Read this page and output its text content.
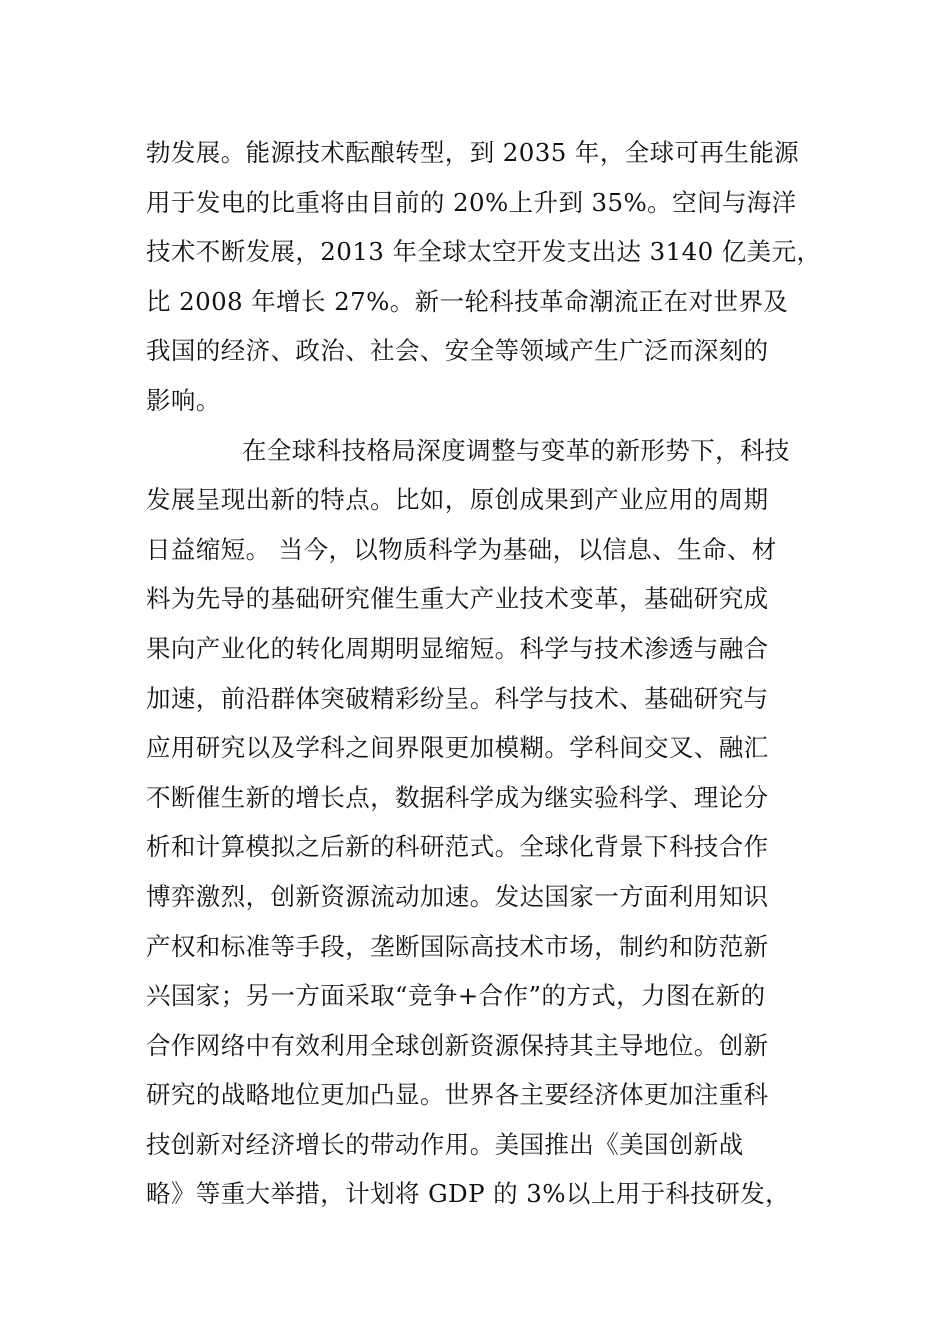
勃发展。能源技术酝酿转型，到 2035 年，全球可再生能源
用于发电的比重将由目前的 20%上升到 35%。空间与海洋
技术不断发展，2013 年全球太空开发支出达 3140 亿美元，
比 2008 年增长 27%。新一轮科技革命潮流正在对世界及
我国的经济、政治、社会、安全等领域产生广泛而深刻的
影响。
在全球科技格局深度调整与变革的新形势下，科技
发展呈现出新的特点。比如，原创成果到产业应用的周期
日益缩短。 当今，以物质科学为基础，以信息、生命、材
料为先导的基础研究催生重大产业技术变革，基础研究成
果向产业化的转化周期明显缩短。科学与技术渗透与融合
加速，前沿群体突破精彩纷呈。科学与技术、基础研究与
应用研究以及学科之间界限更加模糊。学科间交叉、融汇
不断催生新的增长点，数据科学成为继实验科学、理论分
析和计算模拟之后新的科研范式。全球化背景下科技合作
博弈激烈，创新资源流动加速。发达国家一方面利用知识
产权和标准等手段，垄断国际高技术市场，制约和防范新
兴国家；另一方面采取“竞争+合作”的方式，力图在新的
合作网络中有效利用全球创新资源保持其主导地位。创新
研究的战略地位更加凸显。世界各主要经济体更加注重科
技创新对经济增长的带动作用。美国推出《美国创新战
略》等重大举措，计划将 GDP 的 3%以上用于科技研发，
